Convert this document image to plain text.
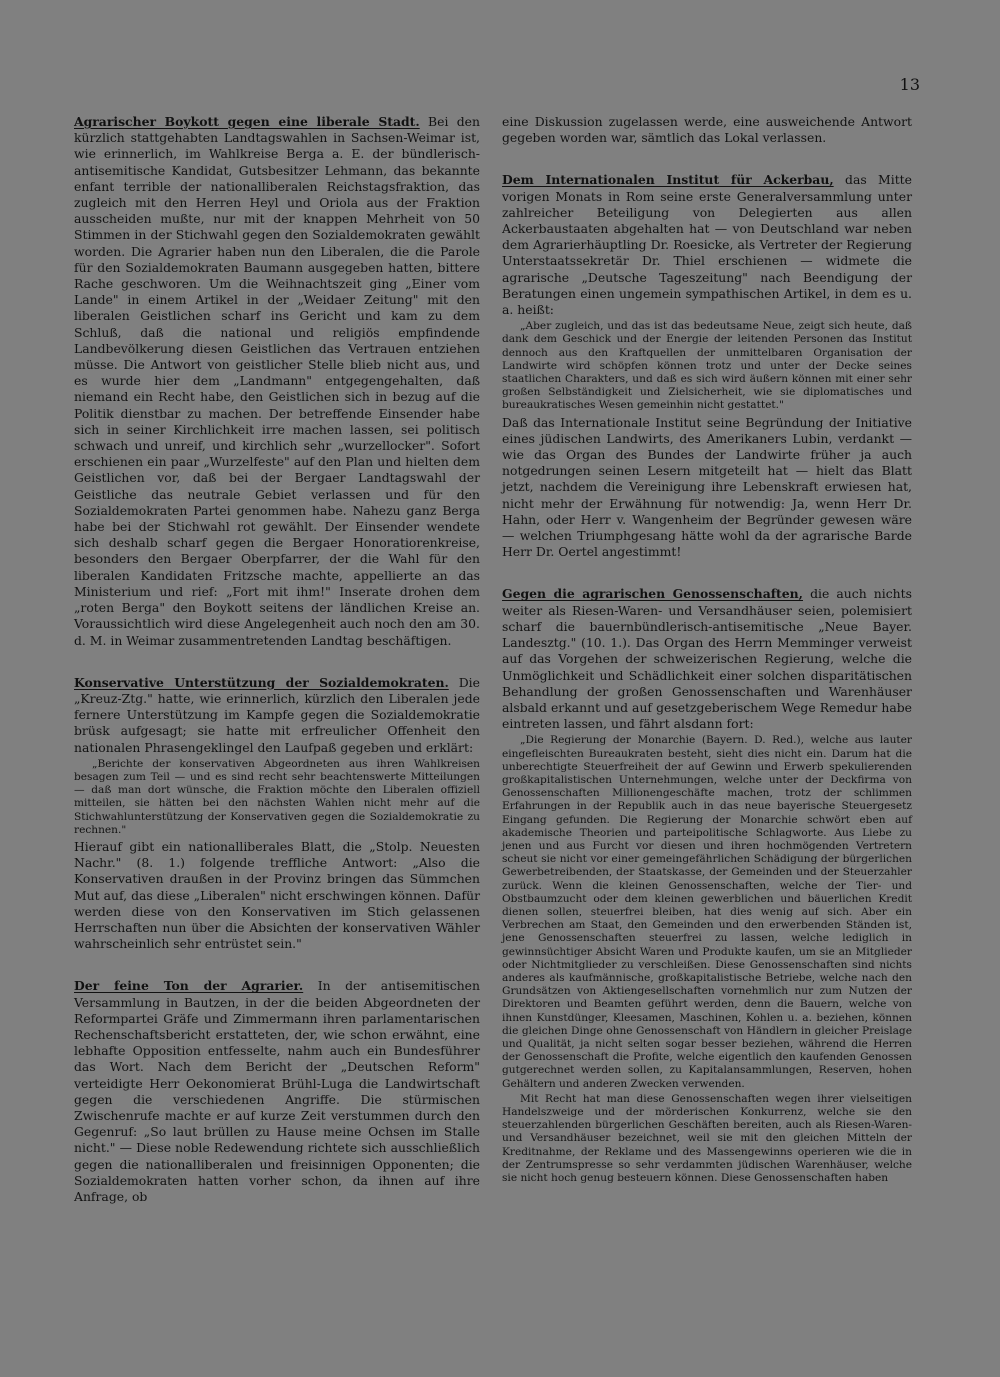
13

Agrarischer Boykott gegen eine liberale Stadt. Bei den kürzlich stattgehabten Landtagswahlen in Sachsen-Weimar ist, wie erinnerlich, im Wahlkreise Berga a. E. der bündlerisch-antisemitische Kandidat, Gutsbesitzer Lehmann, das bekannte enfant terrible der nationalliberalen Reichstagsfraktion, das zugleich mit den Herren Heyl und Oriola aus der Fraktion ausscheiden mußte, nur mit der knappen Mehrheit von 50 Stimmen in der Stichwahl gegen den Sozialdemokraten gewählt worden. Die Agrarier haben nun den Liberalen, die die Parole für den Sozialdemokraten Baumann ausgegeben hatten, bittere Rache geschworen. Um die Weihnachtszeit ging „Einer vom Lande" in einem Artikel in der „Weidaer Zeitung" mit den liberalen Geistlichen scharf ins Gericht und kam zu dem Schluß, daß die national und religiös empfindende Landbevölkerung diesen Geistlichen das Vertrauen entziehen müsse. Die Antwort von geistlicher Stelle blieb nicht aus, und es wurde hier dem „Landmann" entgegengehalten, daß niemand ein Recht habe, den Geistlichen sich in bezug auf die Politik dienstbar zu machen. Der betreffende Einsender habe sich in seiner Kirchlichkeit irre machen lassen, sei politisch schwach und unreif, und kirchlich sehr „wurzellocker". Sofort erschienen ein paar „Wurzelfeste" auf den Plan und hielten dem Geistlichen vor, daß bei der Bergaer Landtagswahl der Geistliche das neutrale Gebiet verlassen und für den Sozialdemokraten Partei genommen habe. Nahezu ganz Berga habe bei der Stichwahl rot gewählt. Der Einsender wendete sich deshalb scharf gegen die Bergaer Honoratiorenkreise, besonders den Bergaer Oberpfarrer, der die Wahl für den liberalen Kandidaten Fritzsche machte, appellierte an das Ministerium und rief: „Fort mit ihm!" Inserate drohen dem „roten Berga" den Boykott seitens der ländlichen Kreise an. Voraussichtlich wird diese Angelegenheit auch noch den am 30. d. M. in Weimar zusammentretenden Landtag beschäftigen.

Konservative Unterstützung der Sozialdemokraten. Die „Kreuz-Ztg." hatte, wie erinnerlich, kürzlich den Liberalen jede fernere Unterstützung im Kampfe gegen die Sozialdemokratie brüsk aufgesagt; sie hatte mit erfreulicher Offenheit den nationalen Phrasengeklingel den Laufpaß gegeben und erklärt:

„Berichte der konservativen Abgeordneten aus ihren Wahlkreisen besagen zum Teil — und es sind recht sehr beachtenswerte Mitteilungen — daß man dort wünsche, die Fraktion möchte den Liberalen offiziell mitteilen, sie hätten bei den nächsten Wahlen nicht mehr auf die Stichwahlunterstützung der Konservativen gegen die Sozialdemokratie zu rechnen."

Hierauf gibt ein nationalliberales Blatt, die „Stolp. Neuesten Nachr." (8. 1.) folgende treffliche Antwort: „Also die Konservativen draußen in der Provinz bringen das Sümmchen Mut auf, das diese „Liberalen" nicht erschwingen können. Dafür werden diese von den Konservativen im Stich gelassenen Herrschaften nun über die Absichten der konservativen Wähler wahrscheinlich sehr entrüstet sein."

Der feine Ton der Agrarier. In der antisemitischen Versammlung in Bautzen, in der die beiden Abgeordneten der Reformpartei Gräfe und Zimmermann ihren parlamentarischen Rechenschaftsbericht erstatteten, der, wie schon erwähnt, eine lebhafte Opposition entfesselte, nahm auch ein Bundesführer das Wort. Nach dem Bericht der „Deutschen Reform" verteidigte Herr Oekonomierat Brühl-Luga die Landwirtschaft gegen die verschiedenen Angriffe. Die stürmischen Zwischenrufe machte er auf kurze Zeit verstummen durch den Gegenruf: „So laut brüllen zu Hause meine Ochsen im Stalle nicht." — Diese noble Redewendung richtete sich ausschließlich gegen die nationalliberalen und freisinnigen Opponenten; die Sozialdemokraten hatten vorher schon, da ihnen auf ihre Anfrage, ob

eine Diskussion zugelassen werde, eine ausweichende Antwort gegeben worden war, sämtlich das Lokal verlassen.

Dem Internationalen Institut für Ackerbau, das Mitte vorigen Monats in Rom seine erste Generalversammlung unter zahlreicher Beteiligung von Delegierten aus allen Ackerbaustaaten abgehalten hat — von Deutschland war neben dem Agrarierhäuptling Dr. Roesicke, als Vertreter der Regierung Unterstaatssekretär Dr. Thiel erschienen — widmete die agrarische „Deutsche Tageszeitung" nach Beendigung der Beratungen einen ungemein sympathischen Artikel, in dem es u. a. heißt:

„Aber zugleich, und das ist das bedeutsame Neue, zeigt sich heute, daß dank dem Geschick und der Energie der leitenden Personen das Institut dennoch aus den Kraftquellen der unmittelbaren Organisation der Landwirte wird schöpfen können trotz und unter der Decke seines staatlichen Charakters, und daß es sich wird äußern können mit einer sehr großen Selbständigkeit und Zielsicherheit, wie sie diplomatisches und bureaukratisches Wesen gemeinhin nicht gestattet."

Daß das Internationale Institut seine Begründung der Initiative eines jüdischen Landwirts, des Amerikaners Lubin, verdankt — wie das Organ des Bundes der Landwirte früher ja auch notgedrungen seinen Lesern mitgeteilt hat — hielt das Blatt jetzt, nachdem die Vereinigung ihre Lebenskraft erwiesen hat, nicht mehr der Erwähnung für notwendig: Ja, wenn Herr Dr. Hahn, oder Herr v. Wangenheim der Begründer gewesen wäre — welchen Triumphgesang hätte wohl da der agrarische Barde Herr Dr. Oertel angestimmt!

Gegen die agrarischen Genossenschaften, die auch nichts weiter als Riesen-Waren- und Versandhäuser seien, polemisiert scharf die bauernbündlerisch-antisemitische „Neue Bayer. Landesztg." (10. 1.). Das Organ des Herrn Memminger verweist auf das Vorgehen der schweizerischen Regierung, welche die Unmöglichkeit und Schädlichkeit einer solchen disparitätischen Behandlung der großen Genossenschaften und Warenhäuser alsbald erkannt und auf gesetzgeberischem Wege Remedur habe eintreten lassen, und fährt alsdann fort:

„Die Regierung der Monarchie (Bayern. D. Red.), welche aus lauter eingefleischten Bureaukraten besteht, sieht dies nicht ein. Darum hat die unberechtigte Steuerfreiheit der auf Gewinn und Erwerb spekulierenden großkapitalistischen Unternehmungen, welche unter der Deckfirma von Genossenschaften Millionengeschäfte machen, trotz der schlimmen Erfahrungen in der Republik auch in das neue bayerische Steuergesetz Eingang gefunden. Die Regierung der Monarchie schwört eben auf akademische Theorien und parteipolitische Schlagworte. Aus Liebe zu jenen und aus Furcht vor diesen und ihren hochmögenden Vertretern scheut sie nicht vor einer gemeingefährlichen Schädigung der bürgerlichen Gewerbetreibenden, der Staatskasse, der Gemeinden und der Steuerzahler zurück. Wenn die kleinen Genossenschaften, welche der Tier- und Obstbaumzucht oder dem kleinen gewerblichen und bäuerlichen Kredit dienen sollen, steuerfrei bleiben, hat dies wenig auf sich. Aber ein Verbrechen am Staat, den Gemeinden und den erwerbenden Ständen ist, jene Genossenschaften steuerfrei zu lassen, welche lediglich in gewinnsüchtiger Absicht Waren und Produkte kaufen, um sie an Mitglieder oder Nichtmitglieder zu verschleißen. Diese Genossenschaften sind nichts anderes als kaufmännische, großkapitalistische Betriebe, welche nach den Grundsätzen von Aktiengesellschaften vornehmlich nur zum Nutzen der Direktoren und Beamten geführt werden, denn die Bauern, welche von ihnen Kunstdünger, Kleesamen, Maschinen, Kohlen u. a. beziehen, können die gleichen Dinge ohne Genossenschaft von Händlern in gleicher Preislage und Qualität, ja nicht selten sogar besser beziehen, während die Herren der Genossenschaft die Profite, welche eigentlich den kaufenden Genossen gutgerechnet werden sollen, zu Kapitalansammlungen, Reserven, hohen Gehältern und anderen Zwecken verwenden.
Mit Recht hat man diese Genossenschaften wegen ihrer vielseitigen Handelszweige und der mörderischen Konkurrenz, welche sie den steuerzahlenden bürgerlichen Geschäften bereiten, auch als Riesen-Waren- und Versandhäuser bezeichnet, weil sie mit den gleichen Mitteln der Kreditnahme, der Reklame und des Massengewinns operieren wie die in der Zentrumspresse so sehr verdammten jüdischen Warenhäuser, welche sie nicht hoch genug besteuern können. Diese Genossenschaften haben
